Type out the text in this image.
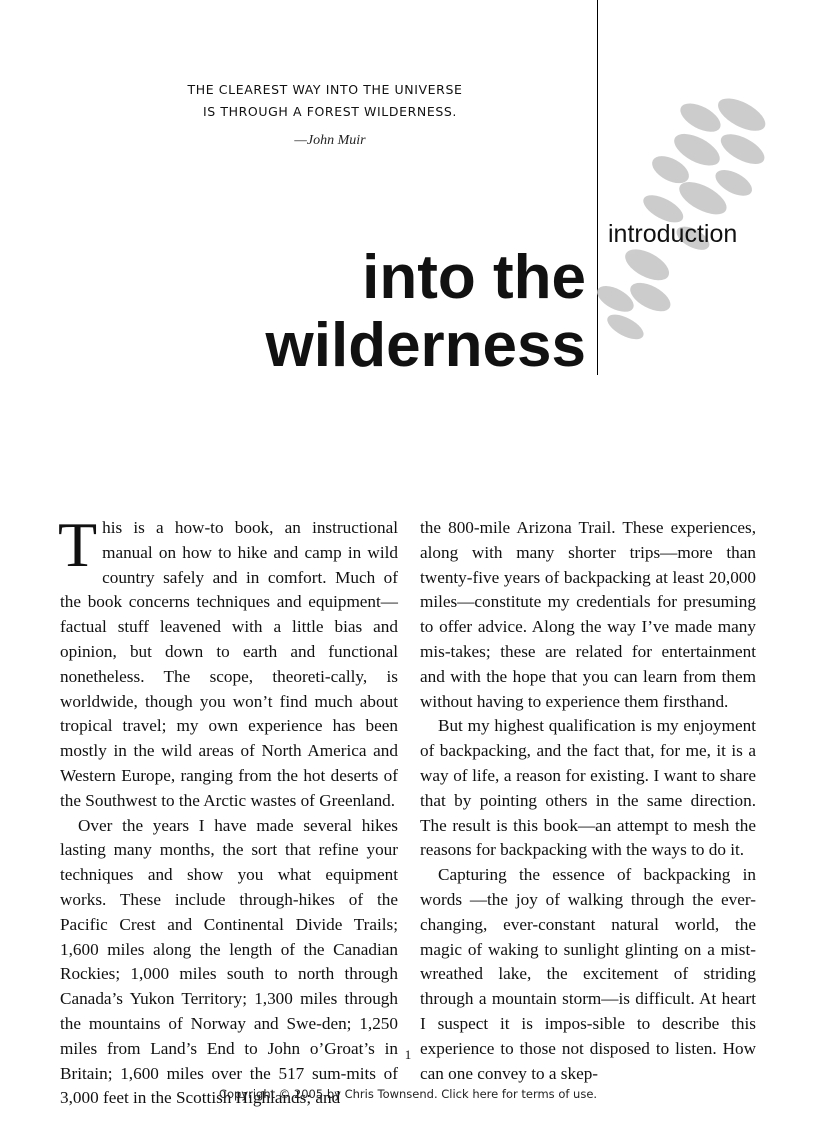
THE CLEAREST WAY INTO THE UNIVERSE
IS THROUGH A FOREST WILDERNESS.
—John Muir
introduction
into the
wilderness

This is a how-to book, an instructional manual on how to hike and camp in wild country safely and in comfort. Much of the book concerns techniques and equipment—factual stuff leavened with a little bias and opinion, but down to earth and functional nonetheless. The scope, theoreti-cally, is worldwide, though you won’t find much about tropical travel; my own experience has been mostly in the wild areas of North America and Western Europe, ranging from the hot deserts of the Southwest to the Arctic wastes of Greenland.

Over the years I have made several hikes lasting many months, the sort that refine your techniques and show you what equipment works. These include through-hikes of the Pacific Crest and Continental Divide Trails; 1,600 miles along the length of the Canadian Rockies; 1,000 miles south to north through Canada’s Yukon Territory; 1,300 miles through the mountains of Norway and Swe-den; 1,250 miles from Land’s End to John o’Groat’s in Britain; 1,600 miles over the 517 sum-mits of 3,000 feet in the Scottish Highlands; and

the 800-mile Arizona Trail. These experiences, along with many shorter trips—more than twenty-five years of backpacking at least 20,000 miles—constitute my credentials for presuming to offer advice. Along the way I’ve made many mis-takes; these are related for entertainment and with the hope that you can learn from them without having to experience them firsthand.

But my highest qualification is my enjoyment of backpacking, and the fact that, for me, it is a way of life, a reason for existing. I want to share that by pointing others in the same direction. The result is this book—an attempt to mesh the reasons for backpacking with the ways to do it.

Capturing the essence of backpacking in words —the joy of walking through the ever-changing, ever-constant natural world, the magic of waking to sunlight glinting on a mist-wreathed lake, the excitement of striding through a mountain storm—is difficult. At heart I suspect it is impos-sible to describe this experience to those not disposed to listen. How can one convey to a skep-

1
Copyright © 2005 by Chris Townsend. Click here for terms of use.
